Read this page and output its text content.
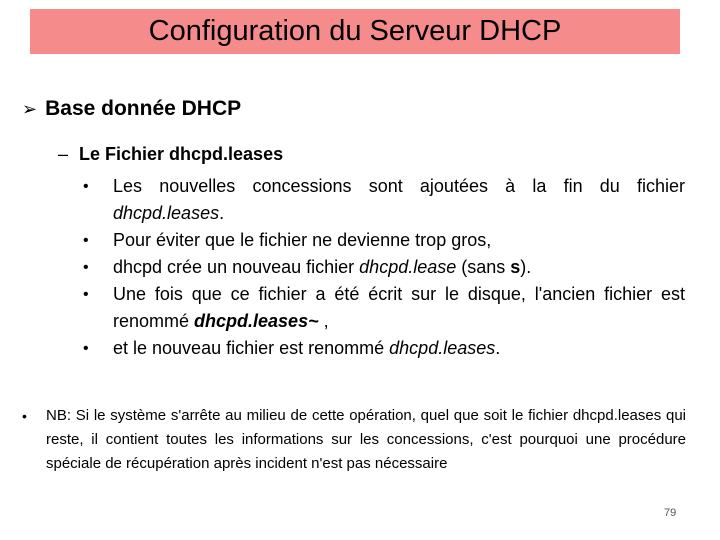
Configuration du Serveur DHCP
➢ Base donnée DHCP
– Le Fichier dhcpd.leases
•	Les nouvelles concessions sont ajoutées à la fin du fichier dhcpd.leases.
•	Pour éviter que le fichier ne devienne trop gros,
•	dhcpd crée un nouveau fichier dhcpd.lease (sans s).
•	Une fois que ce fichier a été écrit sur le disque, l'ancien fichier est renommé dhcpd.leases~ ,
•	et le nouveau fichier est renommé dhcpd.leases.
•	NB: Si le système s'arrête au milieu de cette opération, quel que soit le fichier dhcpd.leases qui reste, il contient toutes les informations sur les concessions, c'est pourquoi une procédure spéciale de récupération après incident n'est pas nécessaire
79
